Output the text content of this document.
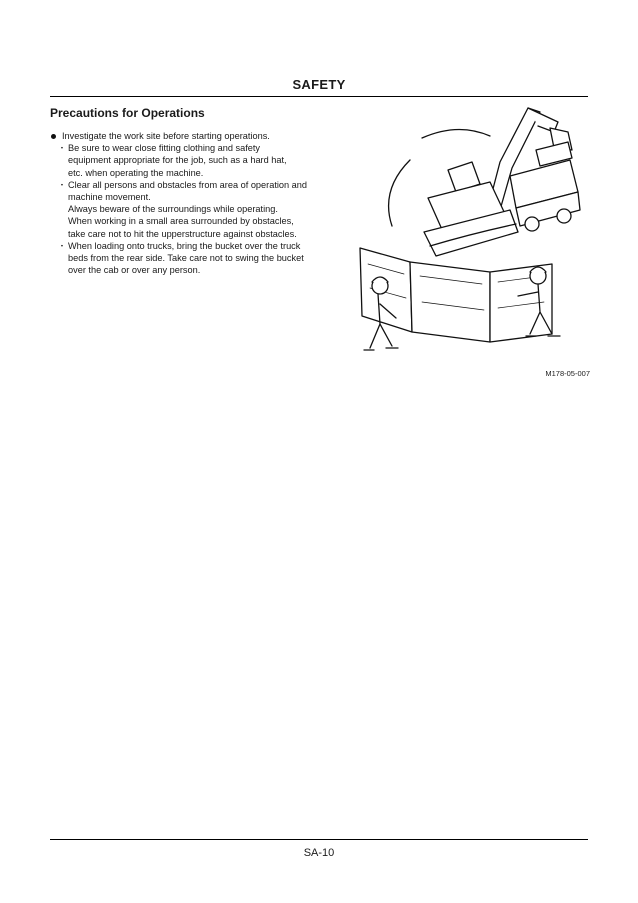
SAFETY
Precautions for Operations
Investigate the work site before starting operations.
・ Be sure to wear close fitting clothing and safety
equipment appropriate for the job, such as a hard hat,
etc. when operating the machine.
・ Clear all persons and obstacles from area of operation and
machine movement.
Always beware of the surroundings while operating.
When working in a small area surrounded by obstacles,
take care not to hit the upperstructure against obstacles.
・ When loading onto trucks, bring the bucket over the truck
beds from the rear side. Take care not to swing the bucket
over the cab or over any person.
M178-05-007
SA-10
